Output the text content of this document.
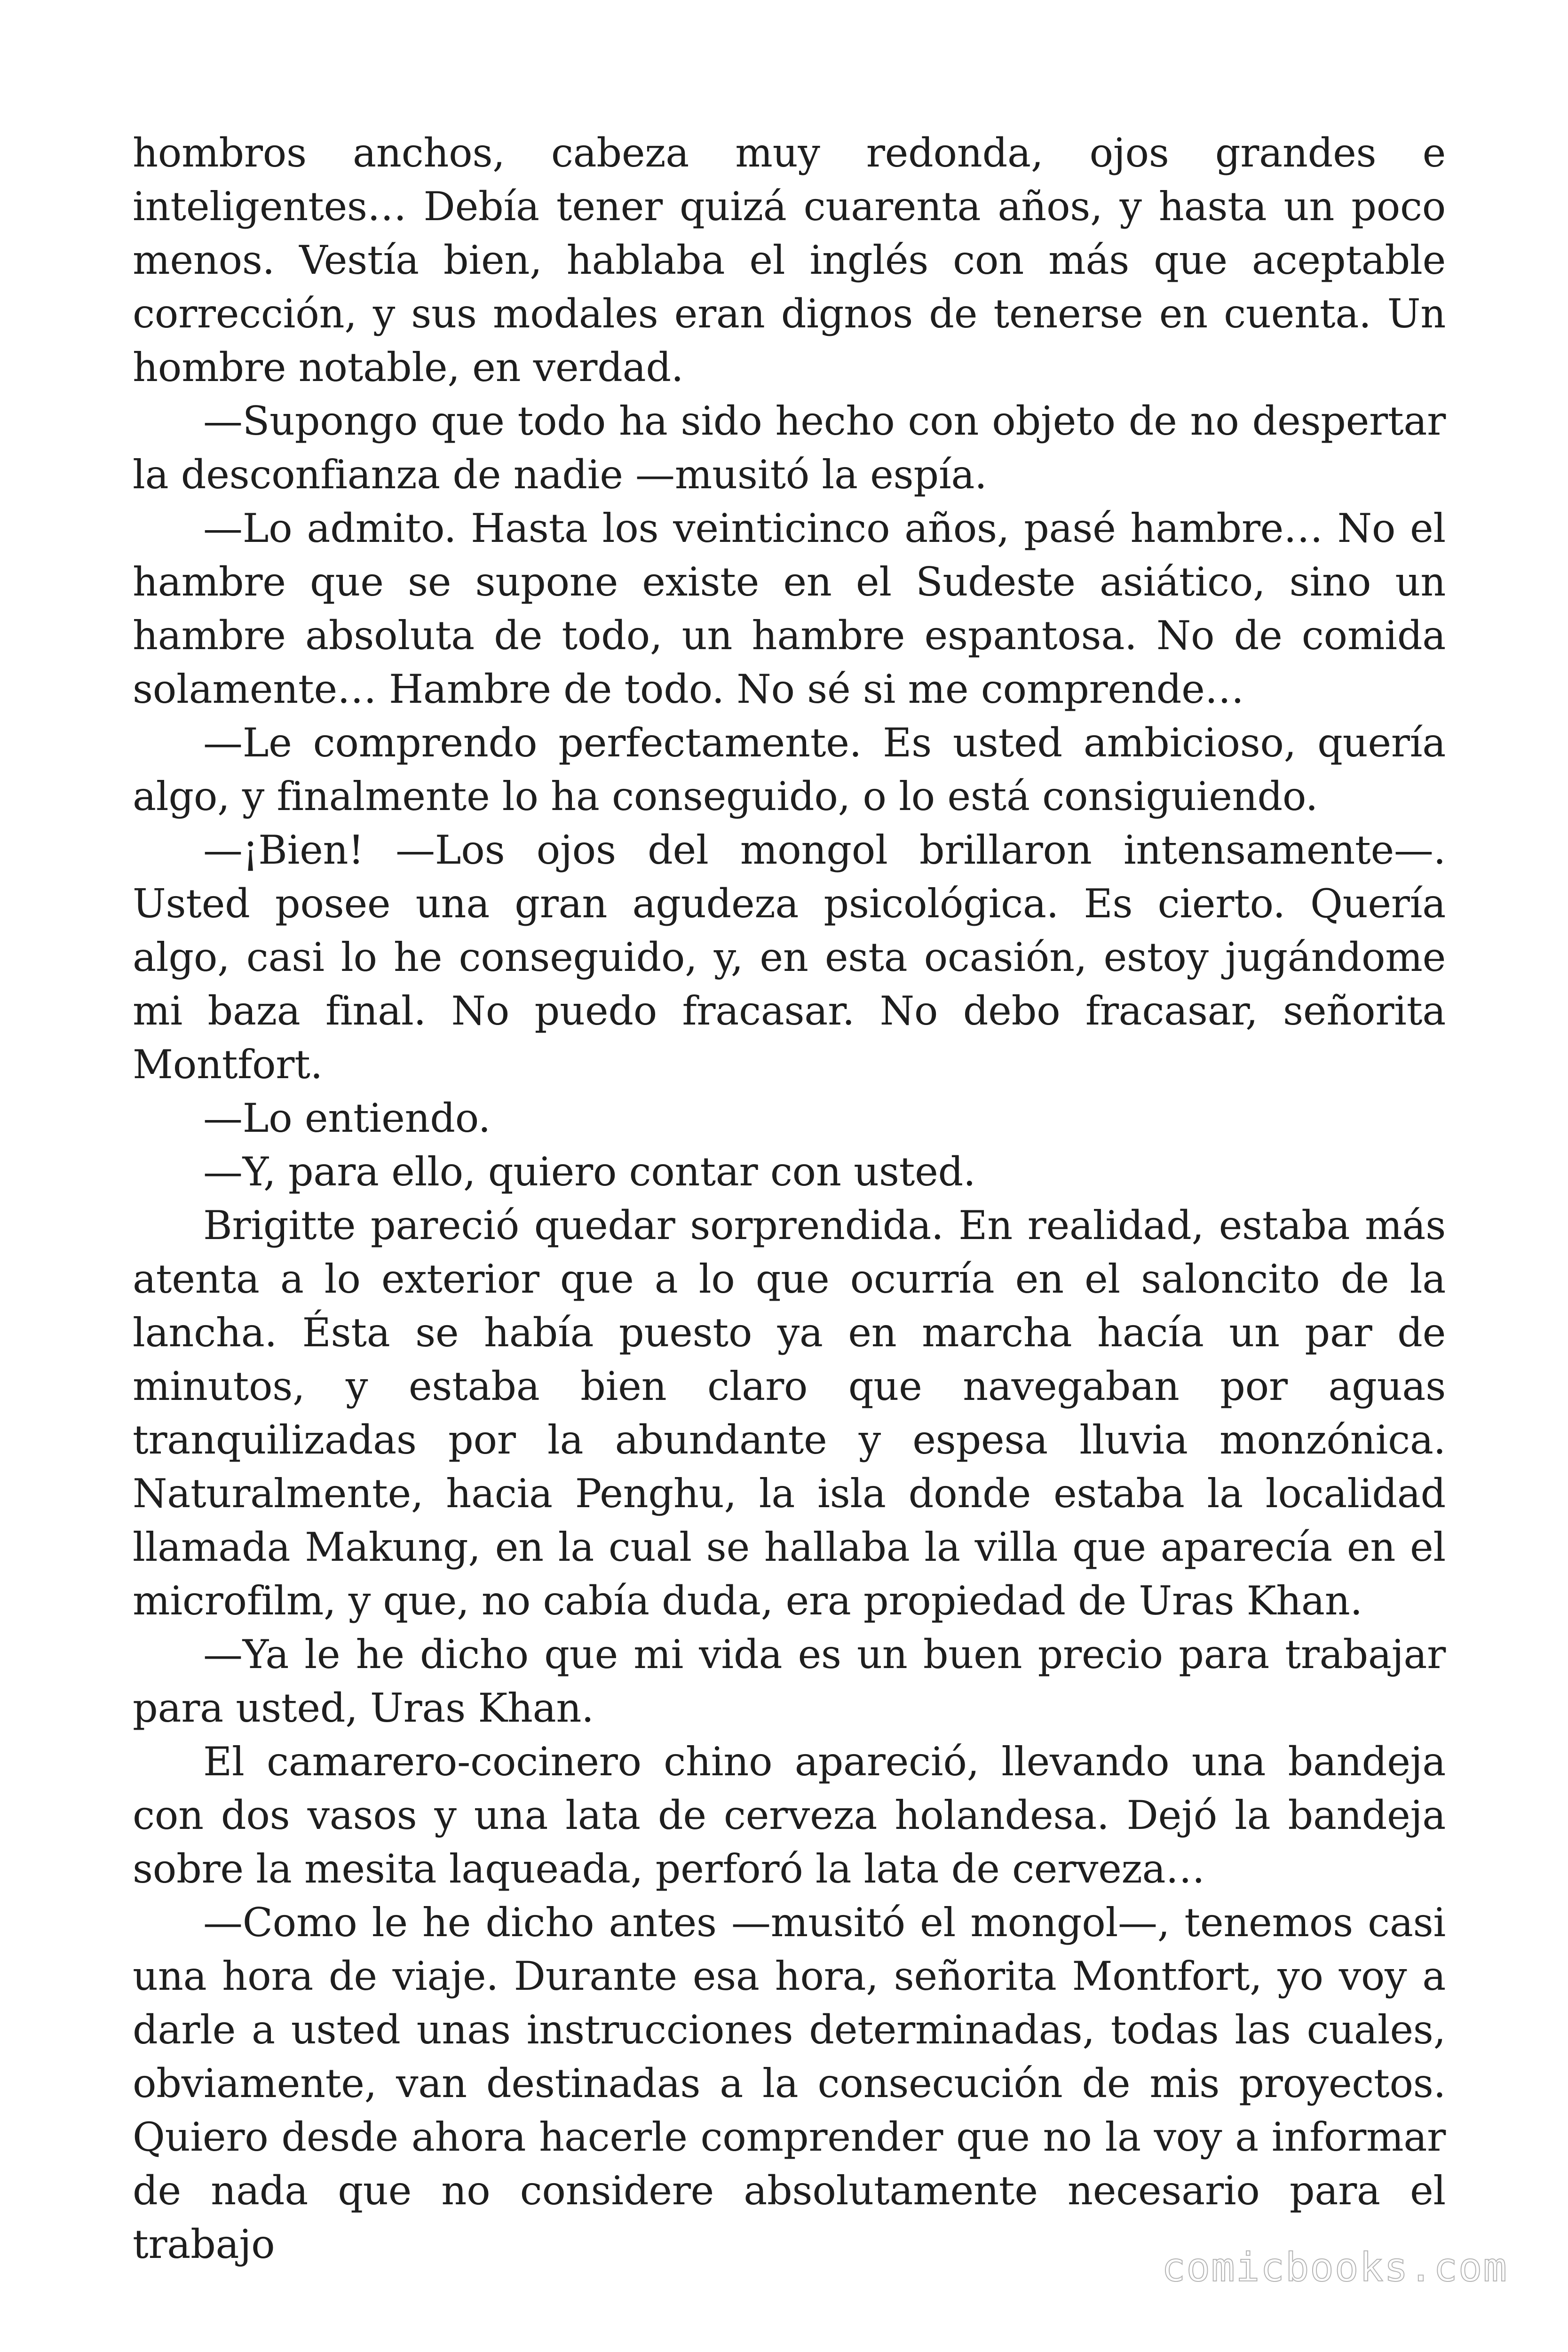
hombros anchos, cabeza muy redonda, ojos grandes e inteligentes… Debía tener quizá cuarenta años, y hasta un poco menos. Vestía bien, hablaba el inglés con más que aceptable corrección, y sus modales eran dignos de tenerse en cuenta. Un hombre notable, en verdad.

—Supongo que todo ha sido hecho con objeto de no despertar la desconfianza de nadie —musitó la espía.

—Lo admito. Hasta los veinticinco años, pasé hambre… No el hambre que se supone existe en el Sudeste asiático, sino un hambre absoluta de todo, un hambre espantosa. No de comida solamente… Hambre de todo. No sé si me comprende…

—Le comprendo perfectamente. Es usted ambicioso, quería algo, y finalmente lo ha conseguido, o lo está consiguiendo.

—¡Bien! —Los ojos del mongol brillaron intensamente—. Usted posee una gran agudeza psicológica. Es cierto. Quería algo, casi lo he conseguido, y, en esta ocasión, estoy jugándome mi baza final. No puedo fracasar. No debo fracasar, señorita Montfort.

—Lo entiendo.

—Y, para ello, quiero contar con usted.

Brigitte pareció quedar sorprendida. En realidad, estaba más atenta a lo exterior que a lo que ocurría en el saloncito de la lancha. Ésta se había puesto ya en marcha hacía un par de minutos, y estaba bien claro que navegaban por aguas tranquilizadas por la abundante y espesa lluvia monzónica. Naturalmente, hacia Penghu, la isla donde estaba la localidad llamada Makung, en la cual se hallaba la villa que aparecía en el microfilm, y que, no cabía duda, era propiedad de Uras Khan.

—Ya le he dicho que mi vida es un buen precio para trabajar para usted, Uras Khan.

El camarero-cocinero chino apareció, llevando una bandeja con dos vasos y una lata de cerveza holandesa. Dejó la bandeja sobre la mesita laqueada, perforó la lata de cerveza…

—Como le he dicho antes —musitó el mongol—, tenemos casi una hora de viaje. Durante esa hora, señorita Montfort, yo voy a darle a usted unas instrucciones determinadas, todas las cuales, obviamente, van destinadas a la consecución de mis proyectos. Quiero desde ahora hacerle comprender que no la voy a informar de nada que no considere absolutamente necesario para el trabajo	comicbooks.com
